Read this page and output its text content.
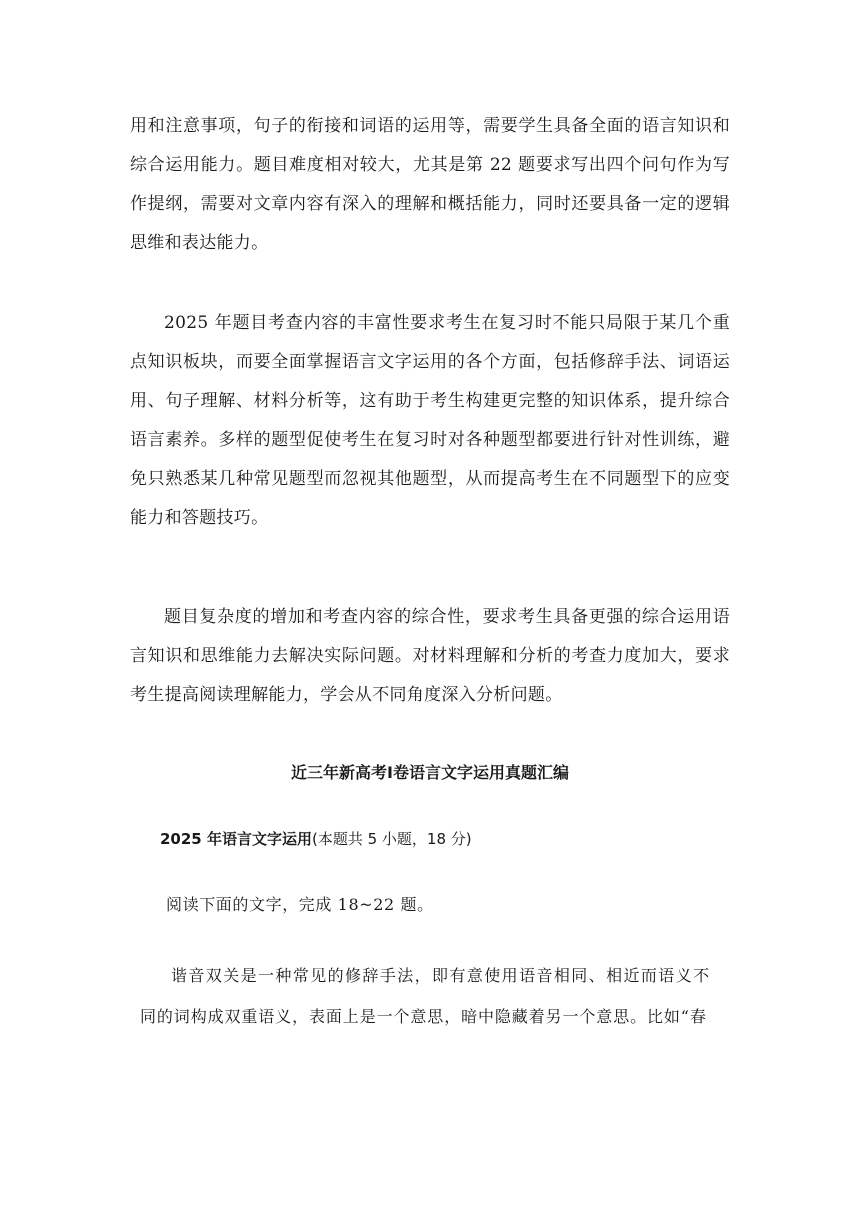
用和注意事项，句子的衔接和词语的运用等，需要学生具备全面的语言知识和综合运用能力。题目难度相对较大，尤其是第 22 题要求写出四个问句作为写作提纲，需要对文章内容有深入的理解和概括能力，同时还要具备一定的逻辑思维和表达能力。

2025 年题目考查内容的丰富性要求考生在复习时不能只局限于某几个重点知识板块，而要全面掌握语言文字运用的各个方面，包括修辞手法、词语运用、句子理解、材料分析等，这有助于考生构建更完整的知识体系，提升综合语言素养。多样的题型促使考生在复习时对各种题型都要进行针对性训练，避免只熟悉某几种常见题型而忽视其他题型，从而提高考生在不同题型下的应变能力和答题技巧。

题目复杂度的增加和考查内容的综合性，要求考生具备更强的综合运用语言知识和思维能力去解决实际问题。对材料理解和分析的考查力度加大，要求考生提高阅读理解能力，学会从不同角度深入分析问题。

近三年新高考Ⅰ卷语言文字运用真题汇编

2025 年语言文字运用(本题共 5 小题，18 分)

阅读下面的文字，完成 18~22 题。

谐音双关是一种常见的修辞手法，即有意使用语音相同、相近而语义不同的词构成双重语义，表面上是一个意思，暗中隐藏着另一个意思。比如“春
